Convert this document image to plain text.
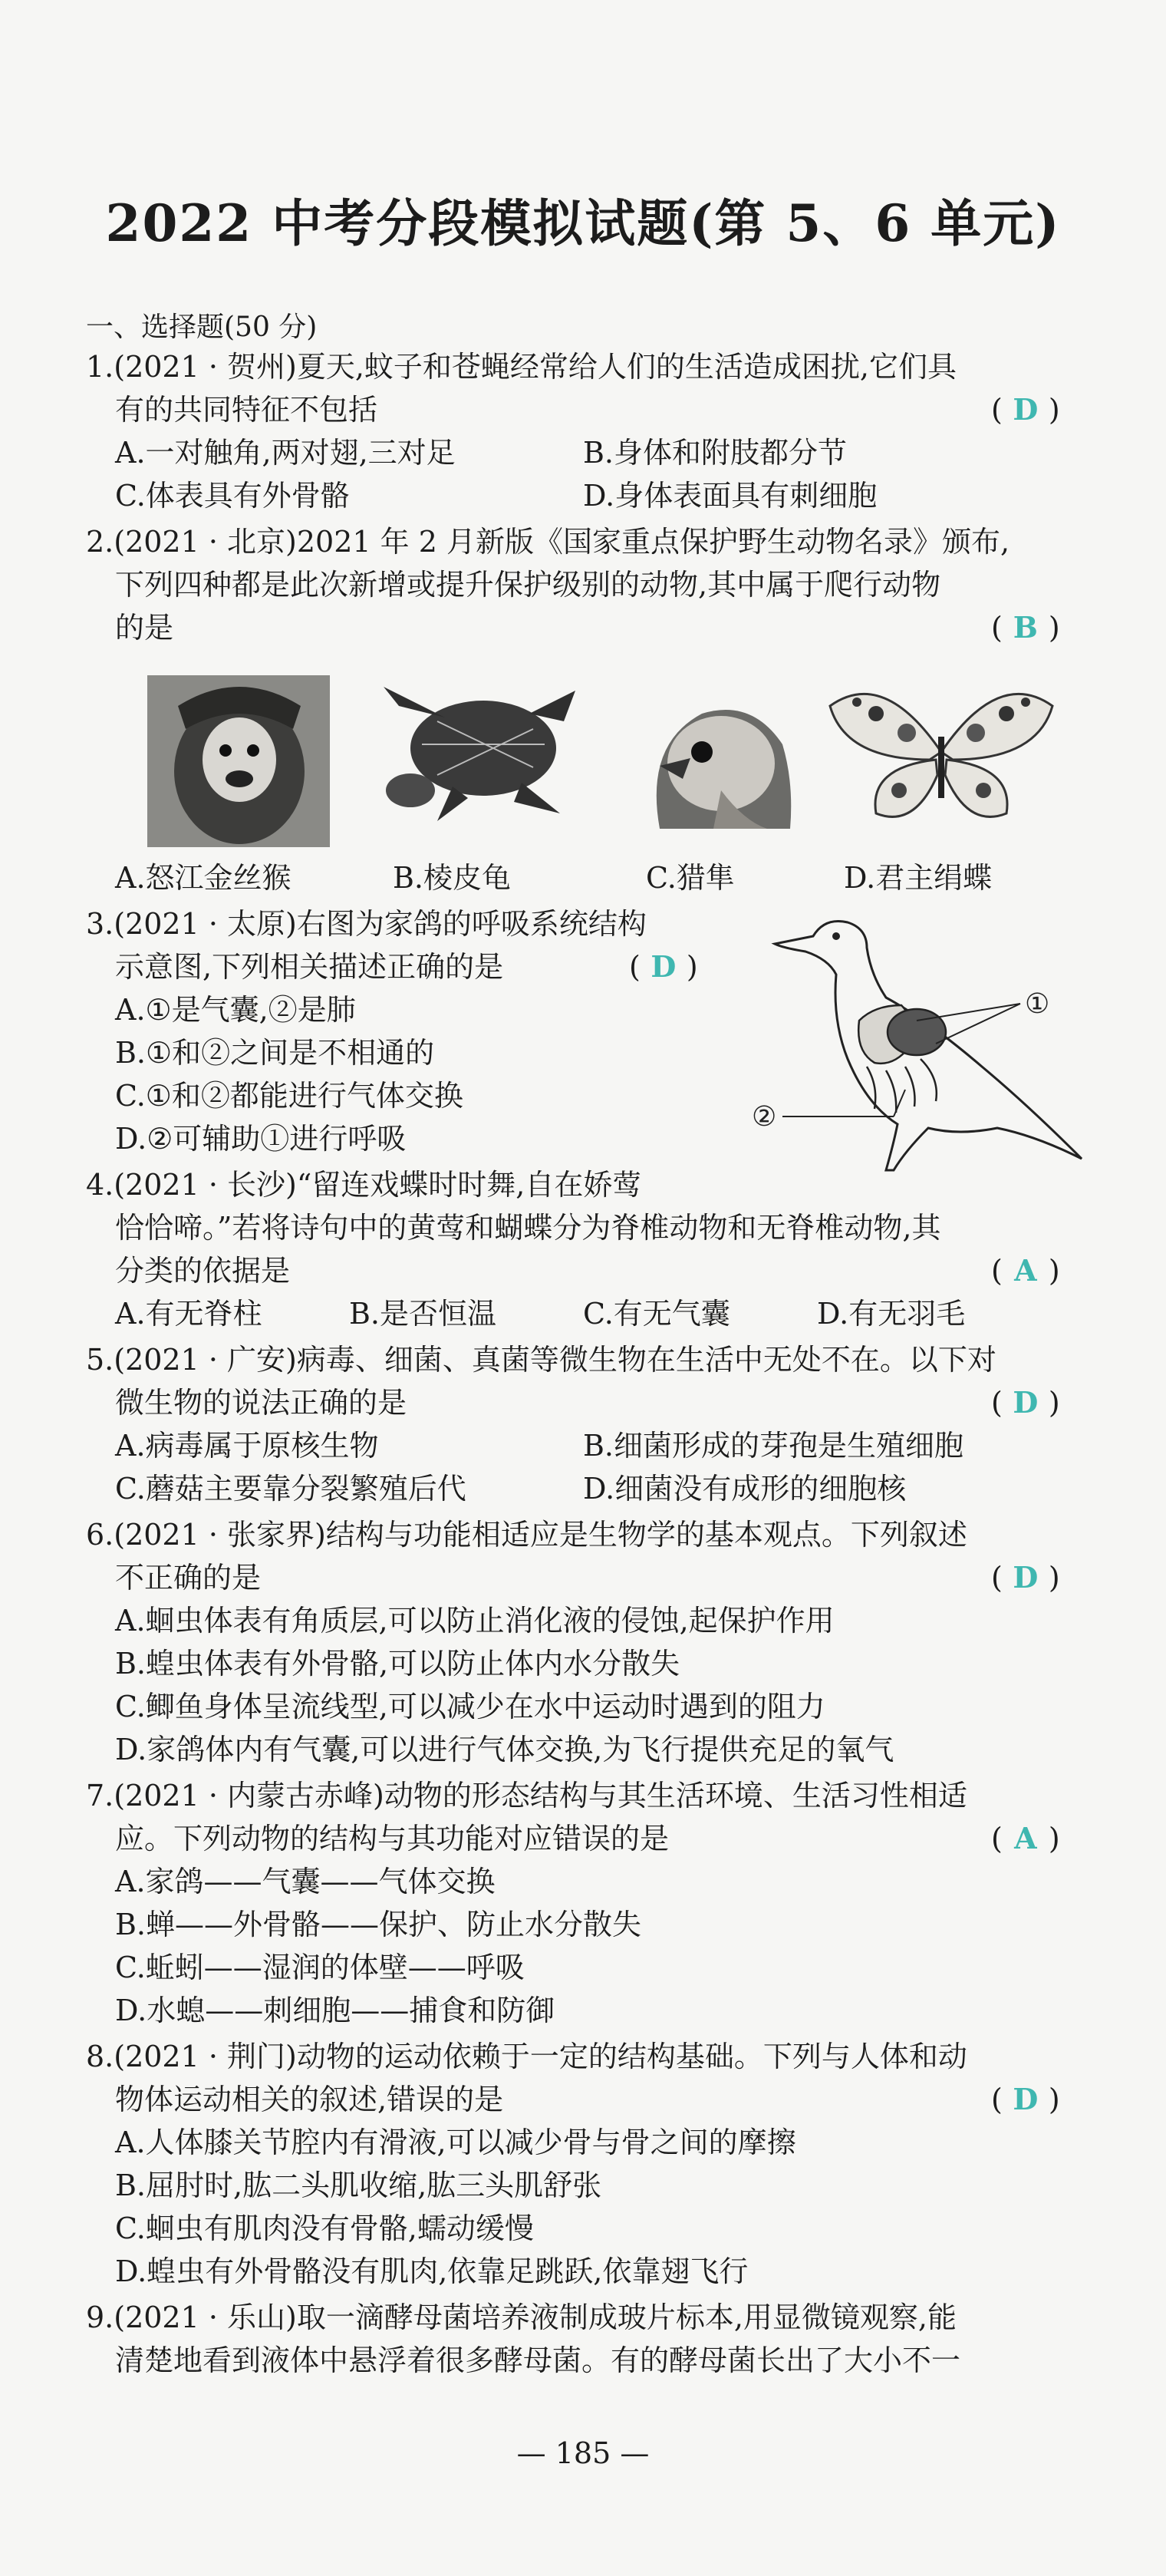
2022 中考分段模拟试题(第 5、6 单元)
一、选择题(50 分)
1.(2021 · 贺州)夏天,蚊子和苍蝇经常给人们的生活造成困扰,它们具
有的共同特征不包括	( D )
A.一对触角,两对翅,三对足	B.身体和附肢都分节
C.体表具有外骨骼	D.身体表面具有刺细胞
2.(2021 · 北京)2021 年 2 月新版《国家重点保护野生动物名录》颁布,
下列四种都是此次新增或提升保护级别的动物,其中属于爬行动物
的是	( B )
A.怒江金丝猴	B.棱皮龟	C.猎隼	D.君主绢蝶
3.(2021 · 太原)右图为家鸽的呼吸系统结构
示意图,下列相关描述正确的是	( D )
A.①是气囊,②是肺
B.①和②之间是不相通的
C.①和②都能进行气体交换
D.②可辅助①进行呼吸
①
②
4.(2021 · 长沙)“留连戏蝶时时舞,自在娇莺
恰恰啼。”若将诗句中的黄莺和蝴蝶分为脊椎动物和无脊椎动物,其
分类的依据是	( A )
A.有无脊柱	B.是否恒温	C.有无气囊	D.有无羽毛
5.(2021 · 广安)病毒、细菌、真菌等微生物在生活中无处不在。以下对
微生物的说法正确的是	( D )
A.病毒属于原核生物	B.细菌形成的芽孢是生殖细胞
C.蘑菇主要靠分裂繁殖后代	D.细菌没有成形的细胞核
6.(2021 · 张家界)结构与功能相适应是生物学的基本观点。下列叙述
不正确的是	( D )
A.蛔虫体表有角质层,可以防止消化液的侵蚀,起保护作用
B.蝗虫体表有外骨骼,可以防止体内水分散失
C.鲫鱼身体呈流线型,可以减少在水中运动时遇到的阻力
D.家鸽体内有气囊,可以进行气体交换,为飞行提供充足的氧气
7.(2021 · 内蒙古赤峰)动物的形态结构与其生活环境、生活习性相适
应。下列动物的结构与其功能对应错误的是	( A )
A.家鸽——气囊——气体交换
B.蝉——外骨骼——保护、防止水分散失
C.蚯蚓——湿润的体壁——呼吸
D.水螅——刺细胞——捕食和防御
8.(2021 · 荆门)动物的运动依赖于一定的结构基础。下列与人体和动
物体运动相关的叙述,错误的是	( D )
A.人体膝关节腔内有滑液,可以减少骨与骨之间的摩擦
B.屈肘时,肱二头肌收缩,肱三头肌舒张
C.蛔虫有肌肉没有骨骼,蠕动缓慢
D.蝗虫有外骨骼没有肌肉,依靠足跳跃,依靠翅飞行
9.(2021 · 乐山)取一滴酵母菌培养液制成玻片标本,用显微镜观察,能
清楚地看到液体中悬浮着很多酵母菌。有的酵母菌长出了大小不一
— 185 —
